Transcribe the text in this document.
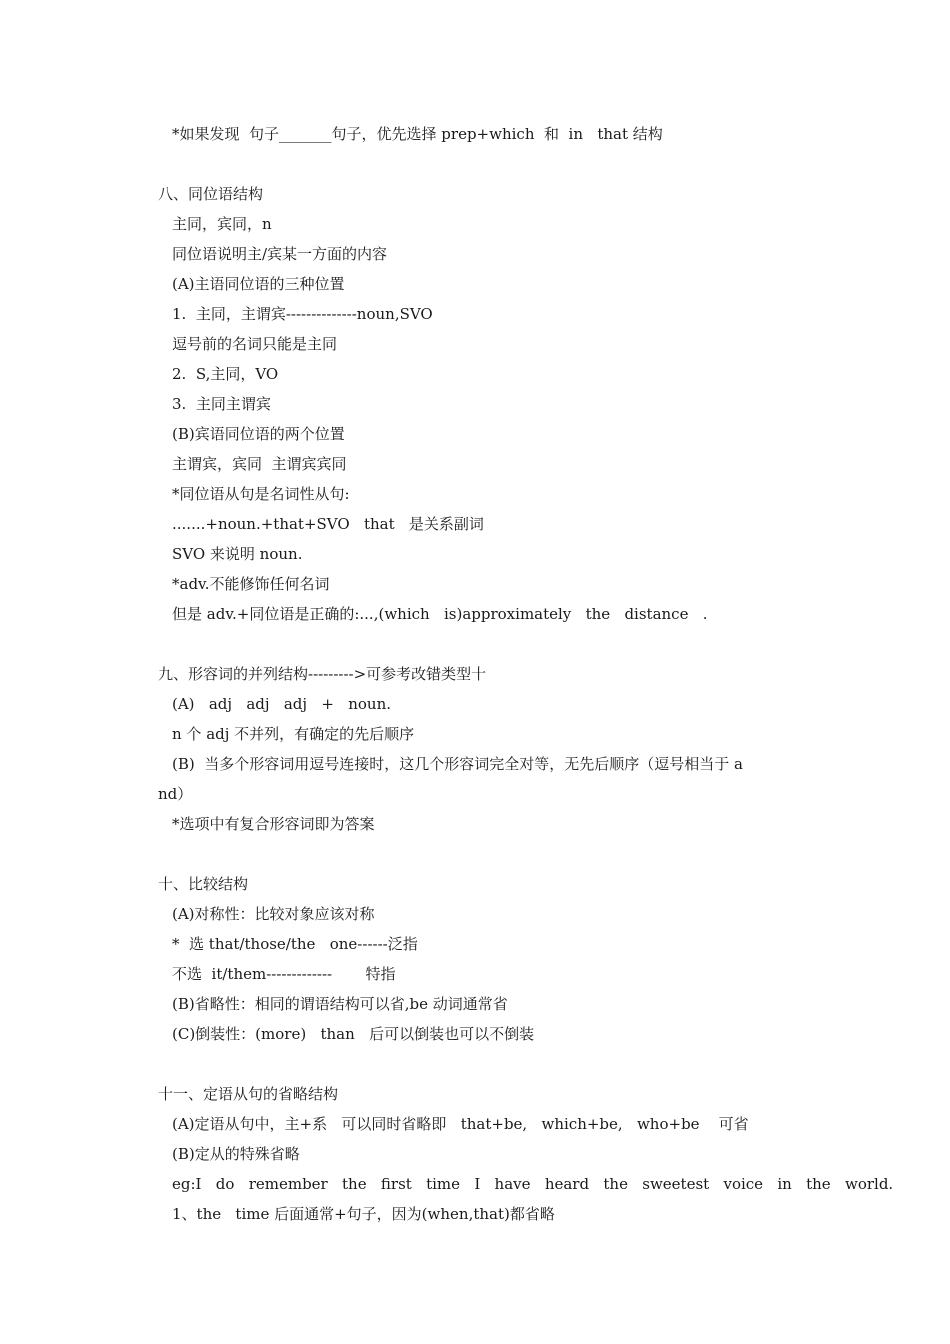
*如果发现  句子_______句子，优先选择 prep+which  和  in   that 结构
八、同位语结构
主同，宾同，n
同位语说明主/宾某一方面的内容
(A)主语同位语的三种位置
1.  主同，主谓宾--------------noun,SVO
逗号前的名词只能是主同
2.  S,主同，VO
3.  主同主谓宾
(B)宾语同位语的两个位置
主谓宾，宾同  主谓宾宾同
*同位语从句是名词性从句:
.......+noun.+that+SVO   that   是关系副词
SVO 来说明 noun.
*adv.不能修饰任何名词
但是 adv.+同位语是正确的:...,(which   is)approximately   the   distance   .
九、形容词的并列结构--------->可参考改错类型十
(A)   adj   adj   adj   +   noun.
n 个 adj 不并列，有确定的先后顺序
(B)  当多个形容词用逗号连接时，这几个形容词完全对等，无先后顺序（逗号相当于 a
nd）
*选项中有复合形容词即为答案
十、比较结构
(A)对称性：比较对象应该对称
*  选 that/those/the   one------泛指
不选  it/them-------------       特指
(B)省略性：相同的谓语结构可以省,be 动词通常省
(C)倒装性：(more)   than   后可以倒装也可以不倒装
十一、定语从句的省略结构
(A)定语从句中，主+系   可以同时省略即   that+be,   which+be,   who+be    可省
(B)定从的特殊省略
eg:I   do   remember   the   first   time   I   have   heard   the   sweetest   voice   in   the   world.
1、the   time 后面通常+句子，因为(when,that)都省略
